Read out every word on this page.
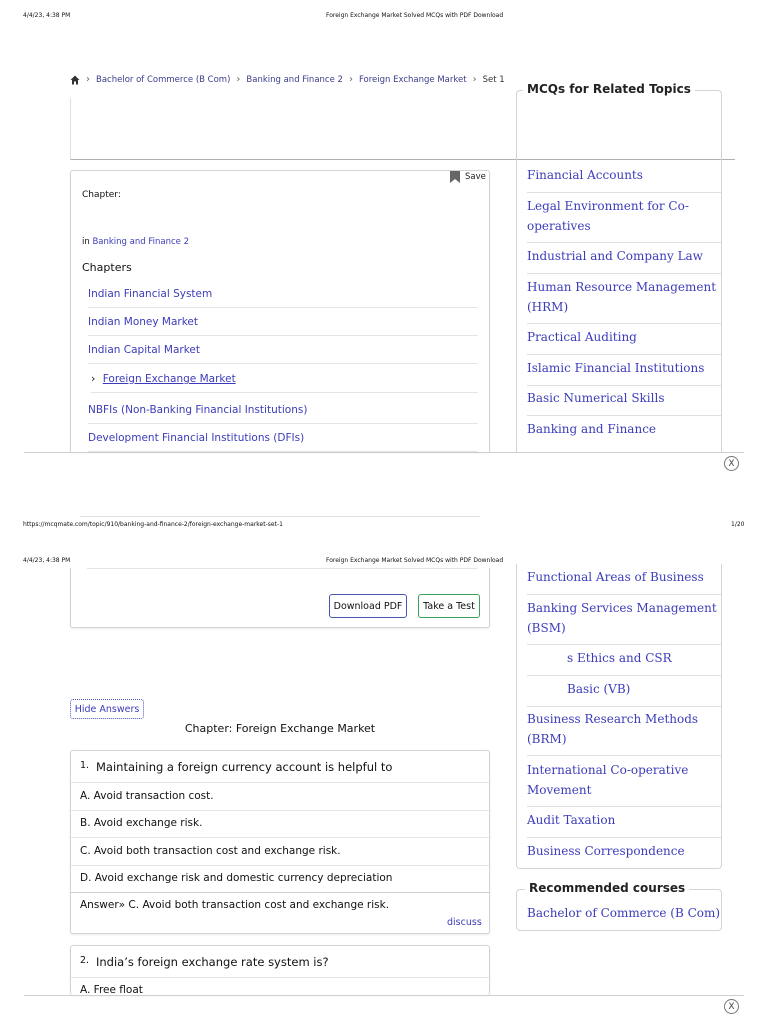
4/4/23, 4:38 PM	Foreign Exchange Market Solved MCQs with PDF Download
› Bachelor of Commerce (B Com) › Banking and Finance 2 › Foreign Exchange Market › Set 1
MCQs for Related Topics
Financial Accounts
Legal Environment for Co-operatives
Industrial and Company Law
Human Resource Management (HRM)
Practical Auditing
Islamic Financial Institutions
Basic Numerical Skills
Banking and Finance
Save
Chapter:
in Banking and Finance 2
Chapters
Indian Financial System
Indian Money Market
Indian Capital Market
› Foreign Exchange Market
NBFIs (Non-Banking Financial Institutions)
Development Financial Institutions (DFIs)
X
https://mcqmate.com/topic/910/banking-and-finance-2/foreign-exchange-market-set-1	1/20
4/4/23, 4:38 PM	Foreign Exchange Market Solved MCQs with PDF Download
Download PDF	Take a Test
Functional Areas of Business
Banking Services Management (BSM)
s Ethics and CSR
Basic (VB)
Business Research Methods (BRM)
International Co-operative Movement
Audit Taxation
Business Correspondence
Recommended courses
Bachelor of Commerce (B Com)
Hide Answers
Chapter: Foreign Exchange Market
1. Maintaining a foreign currency account is helpful to
A. Avoid transaction cost.
B. Avoid exchange risk.
C. Avoid both transaction cost and exchange risk.
D. Avoid exchange risk and domestic currency depreciation
Answer» C. Avoid both transaction cost and exchange risk.
discuss
2. India’s foreign exchange rate system is?
A. Free float
X
